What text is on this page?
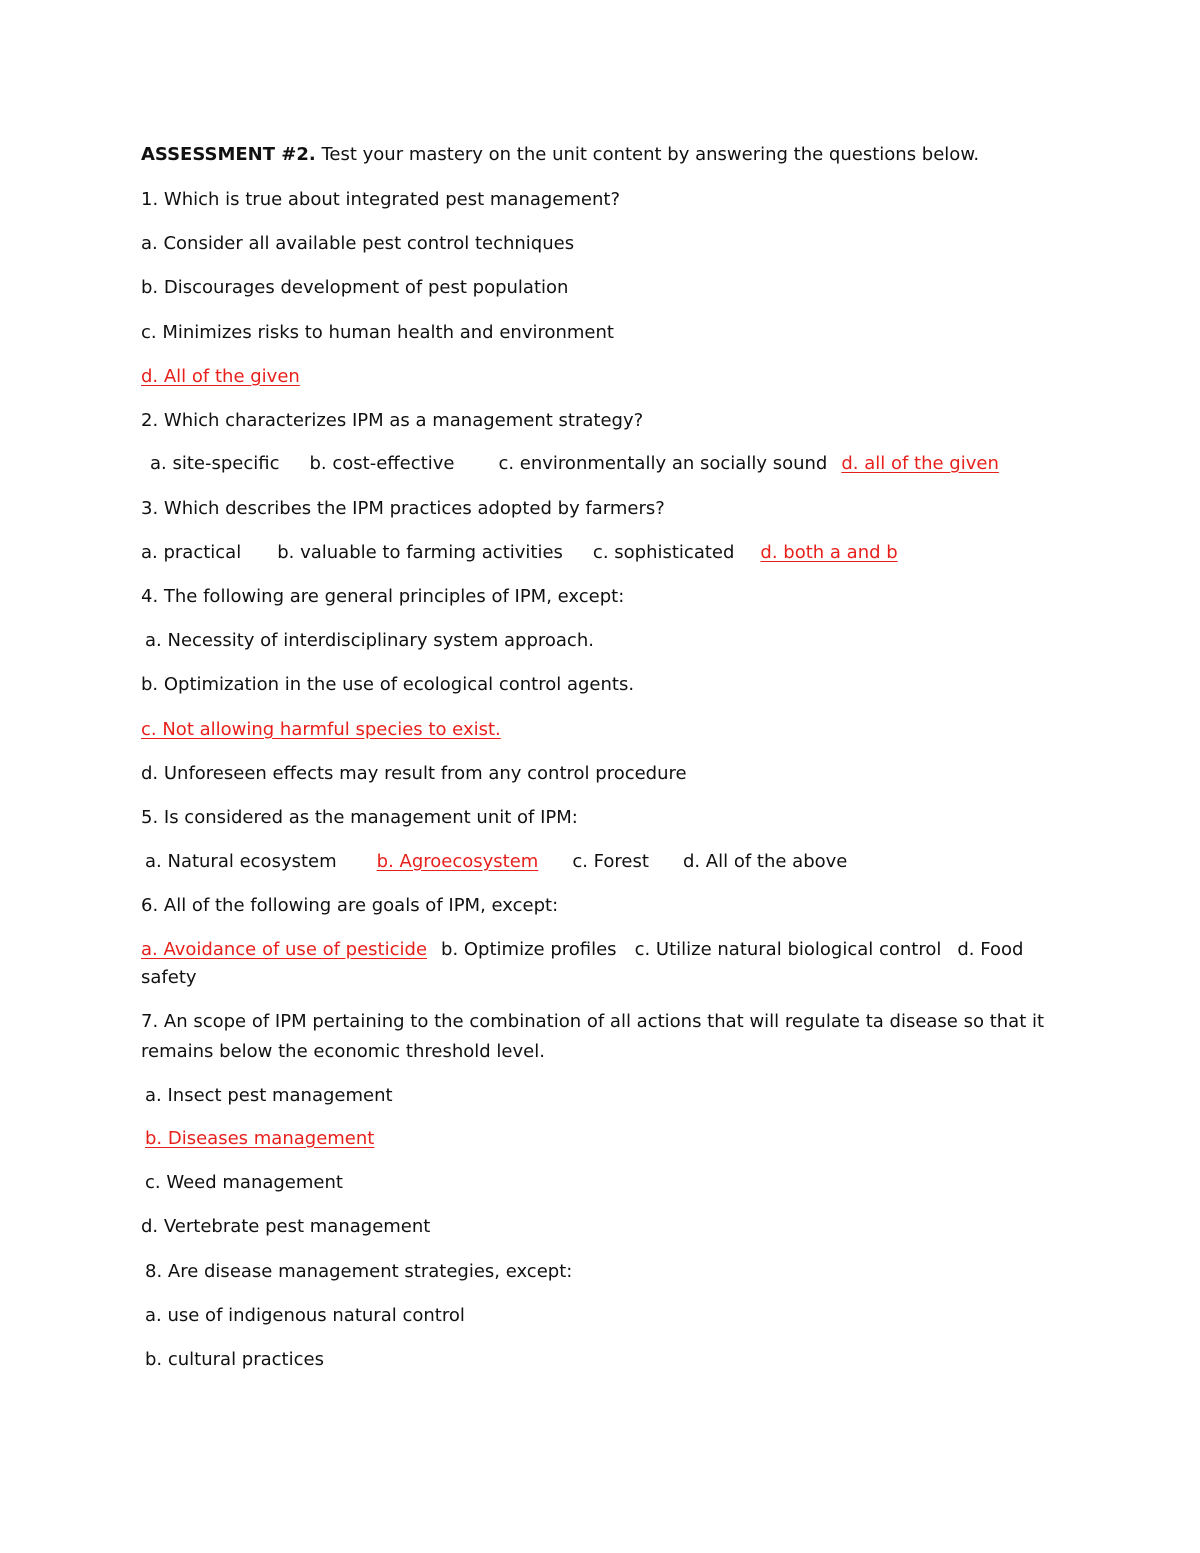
ASSESSMENT #2. Test your mastery on the unit content by answering the questions below.
1. Which is true about integrated pest management?
a. Consider all available pest control techniques
b. Discourages development of pest population
c. Minimizes risks to human health and environment
d. All of the given
2. Which characterizes IPM as a management strategy?
a. site-specific b. cost-effective c. environmentally an socially sound d. all of the given
3. Which describes the IPM practices adopted by farmers?
a. practical b. valuable to farming activities c. sophisticated d. both a and b
4. The following are general principles of IPM, except:
a. Necessity of interdisciplinary system approach.
b. Optimization in the use of ecological control agents.
c. Not allowing harmful species to exist.
d. Unforeseen effects may result from any control procedure
5. Is considered as the management unit of IPM:
a. Natural ecosystem b. Agroecosystem c. Forest d. All of the above
6. All of the following are goals of IPM, except:
a. Avoidance of use of pesticide b. Optimize profiles c. Utilize natural biological control d. Food
safety
7. An scope of IPM pertaining to the combination of all actions that will regulate ta disease so that it
remains below the economic threshold level.
a. Insect pest management
b. Diseases management
c. Weed management
d. Vertebrate pest management
8. Are disease management strategies, except:
a. use of indigenous natural control
b. cultural practices
